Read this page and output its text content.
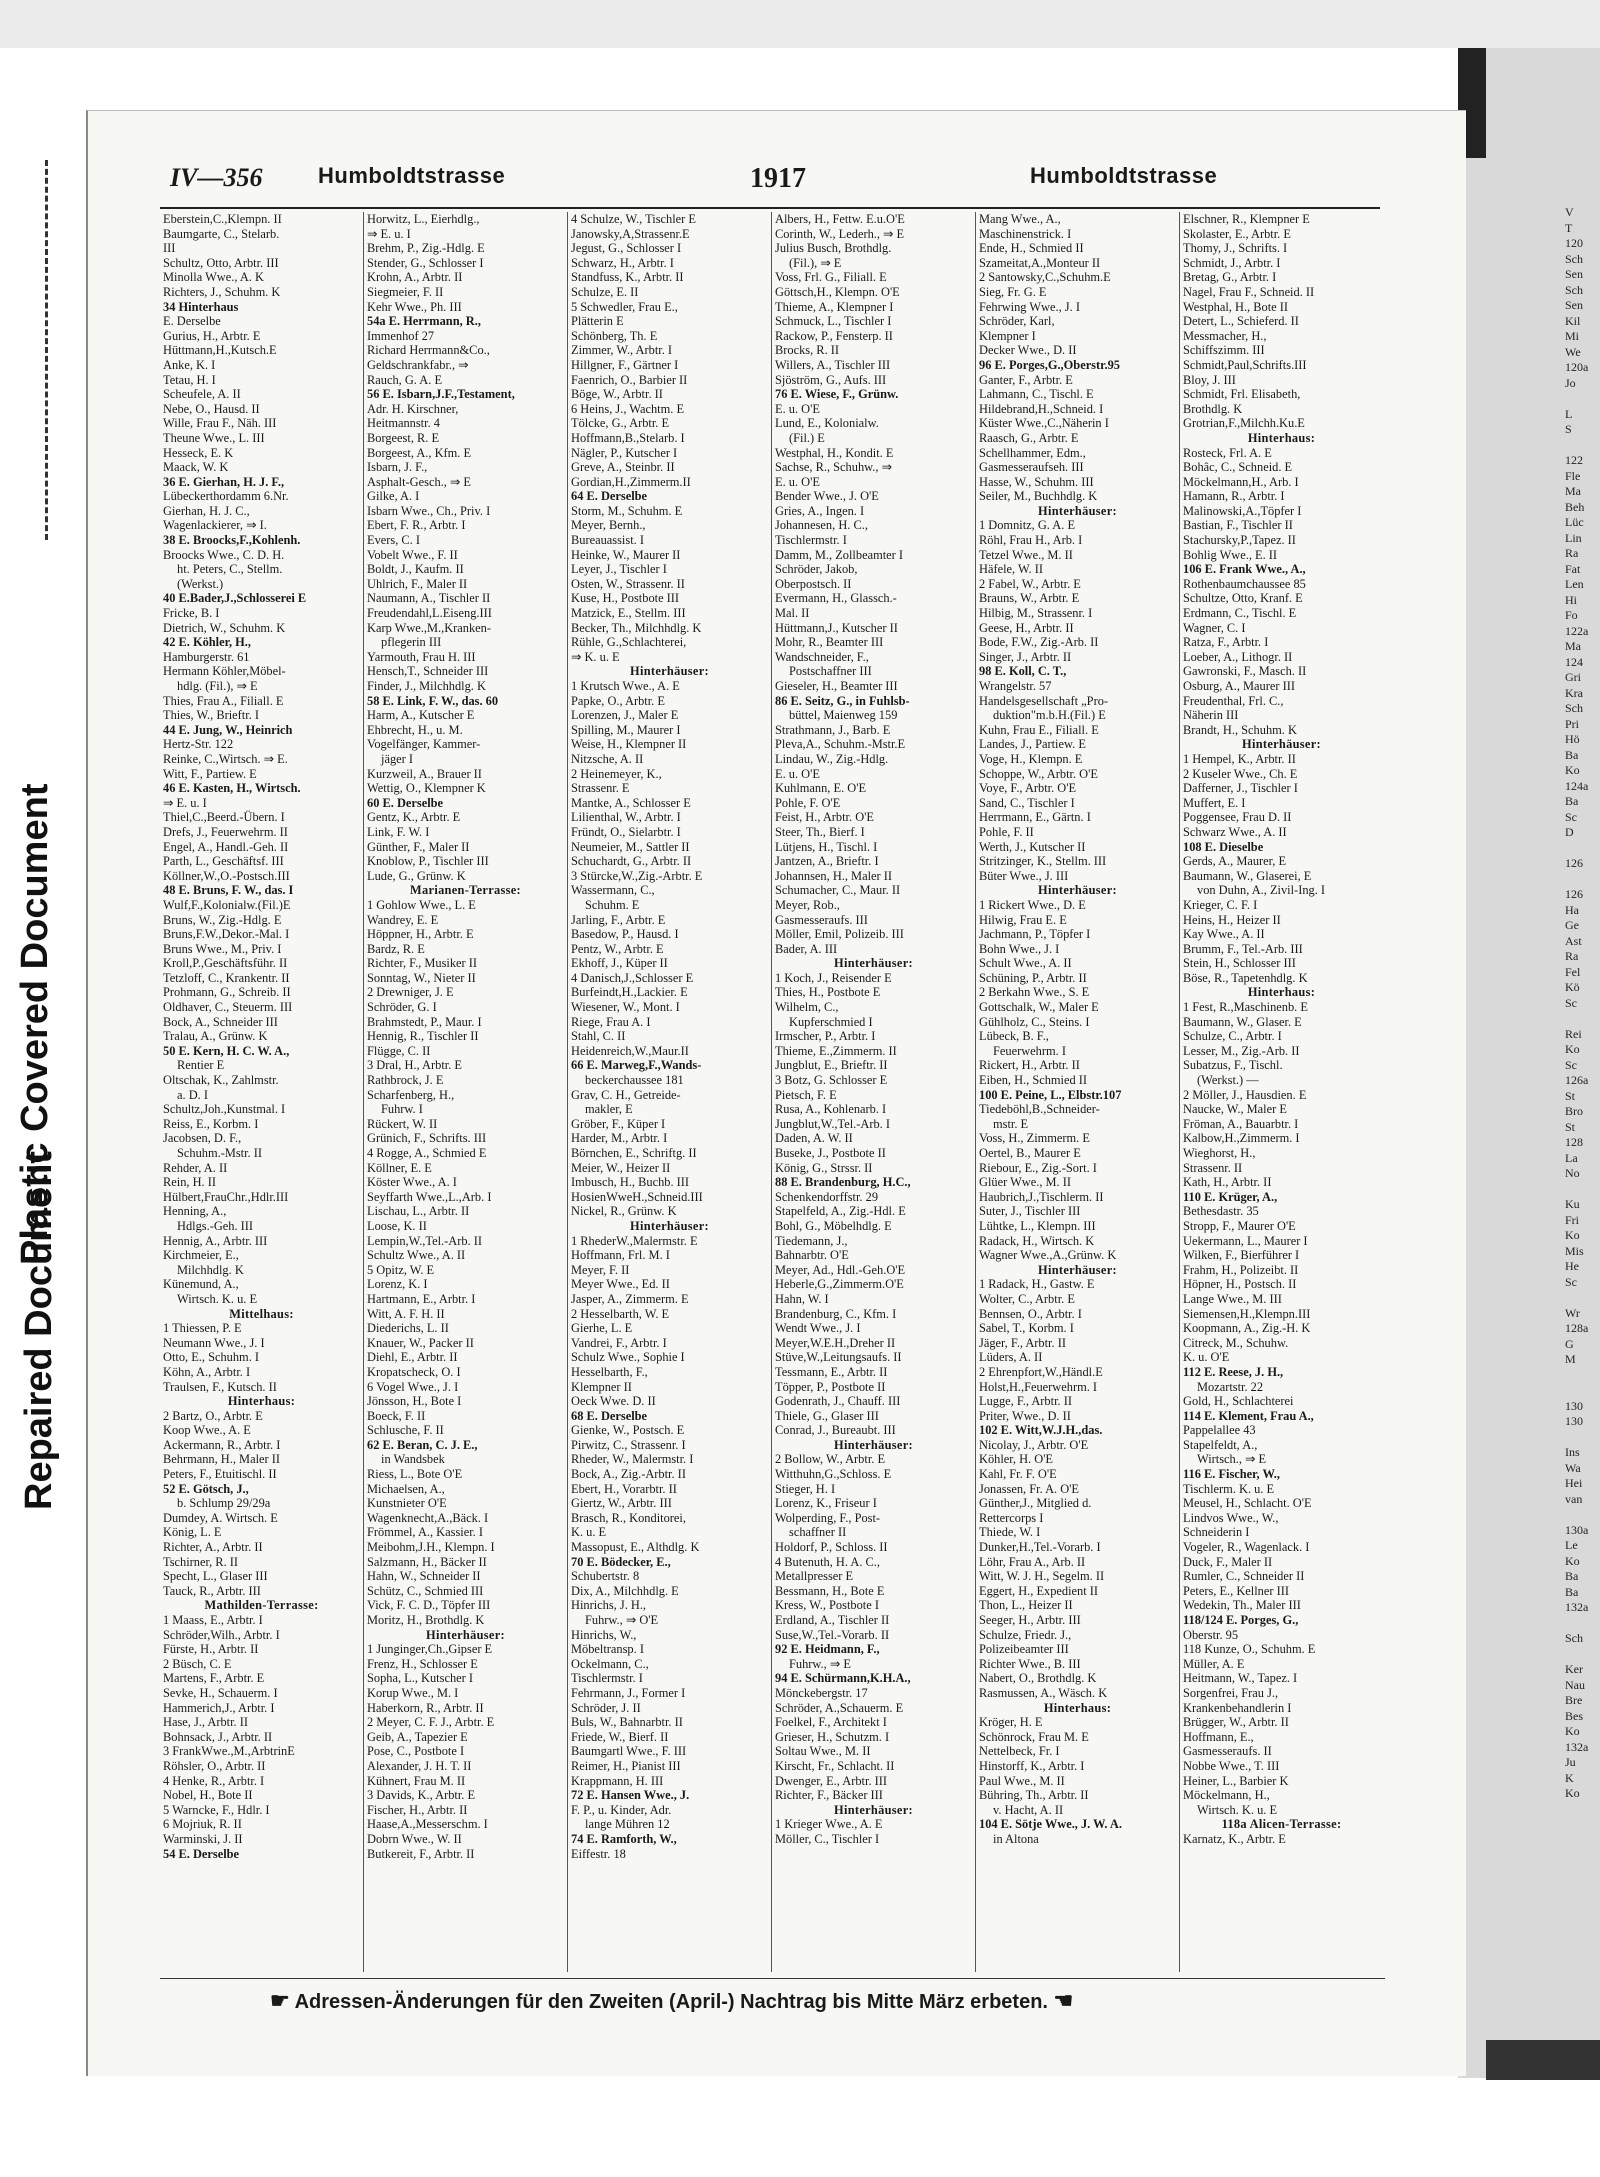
Plastic Covered Document
Repaired Document
IV—356	Humboldtstrasse	1917	Humboldtstrasse
Eberstein,C.,Klempn. II
Baumgarte, C., Stelarb.
III
Schultz, Otto, Arbtr. III
Minolla Wwe., A. K
Richters, J., Schuhm. K
34 Hinterhaus
E. Derselbe
Gurius, H., Arbtr. E
Hüttmann,H.,Kutsch.E
Anke, K. I
Tetau, H. I
Scheufele, A. II
Nebe, O., Hausd. II
Wille, Frau F., Näh. III
Theune Wwe., L. III
Hesseck, E. K
Maack, W. K
36 E. Gierhan, H. J. F.,
Lübeckerthordamm 6.Nr.
Gierhan, H. J. C.,
Wagenlackierer, ⇒ I.
38 E. Broocks,F.,Kohlenh.
Broocks Wwe., C. D. H.
ht. Peters, C., Stellm.
(Werkst.)
40 E.Bader,J.,Schlosserei E
Fricke, B. I
Dietrich, W., Schuhm. K
42 E. Köhler, H.,
Hamburgerstr. 61
Hermann Köhler,Möbel-
hdlg. (Fil.), ⇒ E
Thies, Frau A., Filiall. E
Thies, W., Brieftr. I
44 E. Jung, W., Heinrich
Hertz-Str. 122
Reinke, C.,Wirtsch. ⇒ E.
Witt, F., Partiew. E
46 E. Kasten, H., Wirtsch.
⇒ E. u. I
Thiel,C.,Beerd.-Übern. I
Drefs, J., Feuerwehrm. II
Engel, A., Handl.-Geh. II
Parth, L., Geschäftsf. III
Köllner,W.,O.-Postsch.III
48 E. Bruns, F. W., das. I
Wulf,F.,Kolonialw.(Fil.)E
Bruns, W., Zig.-Hdlg. E
Bruns,F.W.,Dekor.-Mal. I
Bruns Wwe., M., Priv. I
Kroll,P.,Geschäftsführ. II
Tetzloff, C., Krankentr. II
Prohmann, G., Schreib. II
Oldhaver, C., Steuerm. III
Bock, A., Schneider III
Tralau, A., Grünw. K
50 E. Kern, H. C. W. A.,
Rentier E
Oltschak, K., Zahlmstr.
a. D. I
Schultz,Joh.,Kunstmal. I
Reiss, E., Korbm. I
Jacobsen, D. F.,
Schuhm.-Mstr. II
Rehder, A. II
Rein, H. II
Hülbert,FrauChr.,Hdlr.III
Henning, A.,
Hdlgs.-Geh. III
Hennig, A., Arbtr. III
Kirchmeier, E.,
Milchhdlg. K
Künemund, A.,
Wirtsch. K. u. E
Mittelhaus:
1 Thiessen, P. E
Neumann Wwe., J. I
Otto, E., Schuhm. I
Köhn, A., Arbtr. I
Traulsen, F., Kutsch. II
Hinterhaus:
2 Bartz, O., Arbtr. E
Koop Wwe., A. E
Ackermann, R., Arbtr. I
Behrmann, H., Maler II
Peters, F., Etuitischl. II
52 E. Götsch, J.,
b. Schlump 29/29a
Dumdey, A. Wirtsch. E
König, L. E
Richter, A., Arbtr. II
Tschirner, R. II
Specht, L., Glaser III
Tauck, R., Arbtr. III
Mathilden-Terrasse:
1 Maass, E., Arbtr. I
Schröder,Wilh., Arbtr. I
Fürste, H., Arbtr. II
2 Büsch, C. E
Martens, F., Arbtr. E
Sevke, H., Schauerm. I
Hammerich,J., Arbtr. I
Hase, J., Arbtr. II
Bohnsack, J., Arbtr. II
3 FrankWwe.,M.,ArbtrinE
Röhsler, O., Arbtr. II
4 Henke, R., Arbtr. I
Nobel, H., Bote II
5 Warncke, F., Hdlr. I
6 Mojriuk, R. II
Warminski, J. II
54 E. Derselbe
Horwitz, L., Eierhdlg.,
⇒ E. u. I
Brehm, P., Zig.-Hdlg. E
Stender, G., Schlosser I
Krohn, A., Arbtr. II
Siegmeier, F. II
Kehr Wwe., Ph. III
54a E. Herrmann, R.,
Immenhof 27
Richard Herrmann&Co.,
Geldschrankfabr., ⇒
Rauch, G. A. E
56 E. Isbarn,J.F.,Testament,
Adr. H. Kirschner,
Heitmannstr. 4
Borgeest, R. E
Borgeest, A., Kfm. E
Isbarn, J. F.,
Asphalt-Gesch., ⇒ E
Gilke, A. I
Isbarn Wwe., Ch., Priv. I
Ebert, F. R., Arbtr. I
Evers, C. I
Vobelt Wwe., F. II
Boldt, J., Kaufm. II
Uhlrich, F., Maler II
Naumann, A., Tischler II
Freudendahl,L.Eiseng.III
Karp Wwe.,M.,Kranken-
pflegerin III
Yarmouth, Frau H. III
Hensch,T., Schneider III
Finder, J., Milchhdlg. K
58 E. Link, F. W., das. 60
Harm, A., Kutscher E
Ehbrecht, H., u. M.
Vogelfänger, Kammer-
jäger I
Kurzweil, A., Brauer II
Wettig, O., Klempner K
60 E. Derselbe
Gentz, K., Arbtr. E
Link, F. W. I
Günther, F., Maler II
Knoblow, P., Tischler III
Lude, G., Grünw. K
Marianen-Terrasse:
1 Gohlow Wwe., L. E
Wandrey, E. E
Höppner, H., Arbtr. E
Bardz, R. E
Richter, F., Musiker II
Sonntag, W., Nieter II
2 Drewniger, J. E
Schröder, G. I
Brahmstedt, P., Maur. I
Hennig, R., Tischler II
Flügge, C. II
3 Dral, H., Arbtr. E
Rathbrock, J. E
Scharfenberg, H.,
Fuhrw. I
Rückert, W. II
Grünich, F., Schrifts. III
4 Rogge, A., Schmied E
Köllner, E. E
Köster Wwe., A. I
Seyffarth Wwe.,L.,Arb. I
Lischau, L., Arbtr. II
Loose, K. II
Lempin,W.,Tel.-Arb. II
Schultz Wwe., A. II
5 Opitz, W. E
Lorenz, K. I
Hartmann, E., Arbtr. I
Witt, A. F. H. II
Diederichs, L. II
Knauer, W., Packer II
Diehl, E., Arbtr. II
Kropatscheck, O. I
6 Vogel Wwe., J. I
Jönsson, H., Bote I
Boeck, F. II
Schlusche, F. II
62 E. Beran, C. J. E.,
in Wandsbek
Riess, L., Bote O'E
Michaelsen, A.,
Kunstnieter O'E
Wagenknecht,A.,Bäck. I
Frömmel, A., Kassier. I
Meibohm,J.H., Klempn. I
Salzmann, H., Bäcker II
Hahn, W., Schneider II
Schütz, C., Schmied III
Vick, F. C. D., Töpfer III
Moritz, H., Brothdlg. K
Hinterhäuser:
1 Junginger,Ch.,Gipser E
Frenz, H., Schlosser E
Sopha, L., Kutscher I
Korup Wwe., M. I
Haberkorn, R., Arbtr. II
2 Meyer, C. F. J., Arbtr. E
Geib, A., Tapezier E
Pose, C., Postbote I
Alexander, J. H. T. II
Kühnert, Frau M. II
3 Davids, K., Arbtr. E
Fischer, H., Arbtr. II
Haase,A.,Messerschm. I
Dobrn Wwe., W. II
Butkereit, F., Arbtr. II
4 Schulze, W., Tischler E
Janowsky,A,Strassenr.E
Jegust, G., Schlosser I
Schwarz, H., Arbtr. I
Standfuss, K., Arbtr. II
Schulze, E. II
5 Schwedler, Frau E.,
Plätterin E
Schönberg, Th. E
Zimmer, W., Arbtr. I
Hillgner, F., Gärtner I
Faenrich, O., Barbier II
Böge, W., Arbtr. II
6 Heins, J., Wachtm. E
Tölcke, G., Arbtr. E
Hoffmann,B.,Stelarb. I
Nägler, P., Kutscher I
Greve, A., Steinbr. II
Gordian,H.,Zimmerm.II
64 E. Derselbe
Storm, M., Schuhm. E
Meyer, Bernh.,
Bureauassist. I
Heinke, W., Maurer II
Leyer, J., Tischler I
Osten, W., Strassenr. II
Kuse, H., Postbote III
Matzick, E., Stellm. III
Becker, Th., Milchhdlg. K
Rühle, G.,Schlachterei,
⇒ K. u. E
Hinterhäuser:
1 Krutsch Wwe., A. E
Papke, O., Arbtr. E
Lorenzen, J., Maler E
Spilling, M., Maurer I
Weise, H., Klempner II
Nitzsche, A. II
2 Heinemeyer, K.,
Strassenr. E
Mantke, A., Schlosser E
Lilienthal, W., Arbtr. I
Fründt, O., Sielarbtr. I
Neumeier, M., Sattler II
Schuchardt, G., Arbtr. II
3 Stürcke,W.,Zig.-Arbtr. E
Wassermann, C.,
Schuhm. E
Jarling, F., Arbtr. E
Basedow, P., Hausd. I
Pentz, W., Arbtr. E
Ekhoff, J., Küper II
4 Danisch,J.,Schlosser E
Burfeindt,H.,Lackier. E
Wiesener, W., Mont. I
Riege, Frau A. I
Stahl, C. II
Heidenreich,W.,Maur.II
66 E. Marweg,F.,Wands-
beckerchaussee 181
Grav, C. H., Getreide-
makler, E
Gröber, F., Küper I
Harder, M., Arbtr. I
Börnchen, E., Schriftg. II
Meier, W., Heizer II
Imbusch, H., Buchb. III
HosienWweH.,Schneid.III
Nickel, R., Grünw. K
Hinterhäuser:
1 RhederW.,Malermstr. E
Hoffmann, Frl. M. I
Meyer, F. II
Meyer Wwe., Ed. II
Jasper, A., Zimmerm. E
2 Hesselbarth, W. E
Gierhe, L. E
Vandrei, F., Arbtr. I
Schulz Wwe., Sophie I
Hesselbarth, F.,
Klempner II
Oeck Wwe. D. II
68 E. Derselbe
Gienke, W., Postsch. E
Pirwitz, C., Strassenr. I
Rheder, W., Malermstr. I
Bock, A., Zig.-Arbtr. II
Ebert, H., Vorarbtr. II
Giertz, W., Arbtr. III
Brasch, R., Konditorei,
K. u. E
Massopust, E., Althdlg. K
70 E. Bödecker, E.,
Schubertstr. 8
Dix, A., Milchhdlg. E
Hinrichs, J. H.,
Fuhrw., ⇒ O'E
Hinrichs, W.,
Möbeltransp. I
Ockelmann, C.,
Tischlermstr. I
Fehrmann, J., Former I
Schröder, J. II
Buls, W., Bahnarbtr. II
Friede, W., Bierf. II
Baumgartl Wwe., F. III
Reimer, H., Pianist III
Krappmann, H. III
72 E. Hansen Wwe., J.
F. P., u. Kinder, Adr.
lange Mühren 12
74 E. Ramforth, W.,
Eiffestr. 18
Albers, H., Fettw. E.u.O'E
Corinth, W., Lederh., ⇒ E
Julius Busch, Brothdlg.
(Fil.), ⇒ E
Voss, Frl. G., Filiall. E
Göttsch,H., Klempn. O'E
Thieme, A., Klempner I
Schmuck, L., Tischler I
Rackow, P., Fensterp. II
Brocks, R. II
Willers, A., Tischler III
Sjöström, G., Aufs. III
76 E. Wiese, F., Grünw.
E. u. O'E
Lund, E., Kolonialw.
(Fil.) E
Westphal, H., Kondit. E
Sachse, R., Schuhw., ⇒
E. u. O'E
Bender Wwe., J. O'E
Gries, A., Ingen. I
Johannesen, H. C.,
Tischlermstr. I
Damm, M., Zollbeamter I
Schröder, Jakob,
Oberpostsch. II
Evermann, H., Glassch.-
Mal. II
Hüttmann,J., Kutscher II
Mohr, R., Beamter III
Wandschneider, F.,
Postschaffner III
Gieseler, H., Beamter III
86 E. Seitz, G., in Fuhlsb-
büttel, Maienweg 159
Strathmann, J., Barb. E
Pleva,A., Schuhm.-Mstr.E
Lindau, W., Zig.-Hdlg.
E. u. O'E
Kuhlmann, E. O'E
Pohle, F. O'E
Feist, H., Arbtr. O'E
Steer, Th., Bierf. I
Lütjens, H., Tischl. I
Jantzen, A., Brieftr. I
Johannsen, H., Maler II
Schumacher, C., Maur. II
Meyer, Rob.,
Gasmesseraufs. III
Möller, Emil, Polizeib. III
Bader, A. III
Hinterhäuser:
1 Koch, J., Reisender E
Thies, H., Postbote E
Wilhelm, C.,
Kupferschmied I
Irmscher, P., Arbtr. I
Thieme, E.,Zimmerm. II
Jungblut, E., Brieftr. II
3 Botz, G. Schlosser E
Pietsch, F. E
Rusa, A., Kohlenarb. I
Jungblut,W.,Tel.-Arb. I
Daden, A. W. II
Buseke, J., Postbote II
König, G., Strssr. II
88 E. Brandenburg, H.C.,
Schenkendorffstr. 29
Stapelfeld, A., Zig.-Hdl. E
Bohl, G., Möbelhdlg. E
Tiedemann, J.,
Bahnarbtr. O'E
Meyer, Ad., Hdl.-Geh.O'E
Heberle,G.,Zimmerm.O'E
Hahn, W. I
Brandenburg, C., Kfm. I
Wendt Wwe., J. I
Meyer,W.E.H.,Dreher II
Stüve,W.,Leitungsaufs. II
Tessmann, E., Arbtr. II
Töpper, P., Postbote II
Godenrath, J., Chauff. III
Thiele, G., Glaser III
Conrad, J., Bureaubt. III
Hinterhäuser:
2 Bollow, W., Arbtr. E
Witthuhn,G.,Schloss. E
Stieger, H. I
Lorenz, K., Friseur I
Wolperding, F., Post-
schaffner II
Holdorf, P., Schloss. II
4 Butenuth, H. A. C.,
Metallpresser E
Bessmann, H., Bote E
Kress, W., Postbote I
Erdland, A., Tischler II
Suse,W.,Tel.-Vorarb. II
92 E. Heidmann, F.,
Fuhrw., ⇒ E
94 E. Schürmann,K.H.A.,
Mönckebergstr. 17
Schröder, A.,Schauerm. E
Foelkel, F., Architekt I
Grieser, H., Schutzm. I
Soltau Wwe., M. II
Kirscht, Fr., Schlacht. II
Dwenger, E., Arbtr. III
Richter, F., Bäcker III
Hinterhäuser:
1 Krieger Wwe., A. E
Möller, C., Tischler I
Mang Wwe., A.,
Maschinenstrick. I
Ende, H., Schmied II
Szameitat,A.,Monteur II
2 Santowsky,C.,Schuhm.E
Sieg, Fr. G. E
Fehrwing Wwe., J. I
Schröder, Karl,
Klempner I
Decker Wwe., D. II
96 E. Porges,G.,Oberstr.95
Ganter, F., Arbtr. E
Lahmann, C., Tischl. E
Hildebrand,H.,Schneid. I
Küster Wwe.,C.,Näherin I
Raasch, G., Arbtr. E
Schellhammer, Edm.,
Gasmesseraufseh. III
Hasse, W., Schuhm. III
Seiler, M., Buchhdlg. K
Hinterhäuser:
1 Domnitz, G. A. E
Röhl, Frau H., Arb. I
Tetzel Wwe., M. II
Häfele, W. II
2 Fabel, W., Arbtr. E
Brauns, W., Arbtr. E
Hilbig, M., Strassenr. I
Geese, H., Arbtr. II
Bode, F.W., Zig.-Arb. II
Singer, J., Arbtr. II
98 E. Koll, C. T.,
Wrangelstr. 57
Handelsgesellschaft „Pro-
duktion"m.b.H.(Fil.) E
Kuhn, Frau E., Filiall. E
Landes, J., Partiew. E
Voge, H., Klempn. E
Schoppe, W., Arbtr. O'E
Voye, F., Arbtr. O'E
Sand, C., Tischler I
Herrmann, E., Gärtn. I
Pohle, F. II
Werth, J., Kutscher II
Stritzinger, K., Stellm. III
Büter Wwe., J. III
Hinterhäuser:
1 Rickert Wwe., D. E
Hilwig, Frau E. E
Jachmann, P., Töpfer I
Bohn Wwe., J. I
Schult Wwe., A. II
Schüning, P., Arbtr. II
2 Berkahn Wwe., S. E
Gottschalk, W., Maler E
Gühlholz, C., Steins. I
Lübeck, B. F.,
Feuerwehrm. I
Rickert, H., Arbtr. II
Eiben, H., Schmied II
100 E. Peine, L., Elbstr.107
Tiedeböhl,B.,Schneider-
mstr. E
Voss, H., Zimmerm. E
Oertel, B., Maurer E
Riebour, E., Zig.-Sort. I
Glüer Wwe., M. II
Haubrich,J.,Tischlerm. II
Suter, J., Tischler III
Lühtke, L., Klempn. III
Radack, H., Wirtsch. K
Wagner Wwe.,A.,Grünw. K
Hinterhäuser:
1 Radack, H., Gastw. E
Wolter, C., Arbtr. E
Bennsen, O., Arbtr. I
Sabel, T., Korbm. I
Jäger, F., Arbtr. II
Lüders, A. II
2 Ehrenpfort,W.,Händl.E
Holst,H.,Feuerwehrm. I
Lugge, F., Arbtr. II
Priter, Wwe., D. II
102 E. Witt,W.J.H.,das.
Nicolay, J., Arbtr. O'E
Köhler, H. O'E
Kahl, Fr. F. O'E
Jonassen, Fr. A. O'E
Günther,J., Mitglied d.
Rettercorps I
Thiede, W. I
Dunker,H.,Tel.-Vorarb. I
Löhr, Frau A., Arb. II
Witt, W. J. H., Segelm. II
Eggert, H., Expedient II
Thon, L., Heizer II
Seeger, H., Arbtr. III
Schulze, Friedr. J.,
Polizeibeamter III
Richter Wwe., B. III
Nabert, O., Brothdlg. K
Rasmussen, A., Wäsch. K
Hinterhaus:
Kröger, H. E
Schönrock, Frau M. E
Nettelbeck, Fr. I
Hinstorff, K., Arbtr. I
Paul Wwe., M. II
Bühring, Th., Arbtr. II
v. Hacht, A. II
104 E. Sötje Wwe., J. W. A.
in Altona
Elschner, R., Klempner E
Skolaster, E., Arbtr. E
Thomy, J., Schrifts. I
Schmidt, J., Arbtr. I
Bretag, G., Arbtr. I
Nagel, Frau F., Schneid. II
Westphal, H., Bote II
Detert, L., Schieferd. II
Messmacher, H.,
Schiffszimm. III
Schmidt,Paul,Schrifts.III
Bloy, J. III
Schmidt, Frl. Elisabeth,
Brothdlg. K
Grotrian,F.,Milchh.Ku.E
Hinterhaus:
Rosteck, Frl. A. E
Bohâc, C., Schneid. E
Möckelmann,H., Arb. I
Hamann, R., Arbtr. I
Malinowski,A.,Töpfer I
Bastian, F., Tischler II
Stachursky,P.,Tapez. II
Bohlig Wwe., E. II
106 E. Frank Wwe., A.,
Rothenbaumchaussee 85
Schultze, Otto, Kranf. E
Erdmann, C., Tischl. E
Wagner, C. I
Ratza, F., Arbtr. I
Loeber, A., Lithogr. II
Gawronski, F., Masch. II
Osburg, A., Maurer III
Freudenthal, Frl. C.,
Näherin III
Brandt, H., Schuhm. K
Hinterhäuser:
1 Hempel, K., Arbtr. II
2 Kuseler Wwe., Ch. E
Dafferner, J., Tischler I
Muffert, E. I
Poggensee, Frau D. II
Schwarz Wwe., A. II
108 E. Dieselbe
Gerds, A., Maurer, E
Baumann, W., Glaserei, E
von Duhn, A., Zivil-Ing. I
Krieger, C. F. I
Heins, H., Heizer II
Kay Wwe., A. II
Brumm, F., Tel.-Arb. III
Stein, H., Schlosser III
Böse, R., Tapetenhdlg. K
Hinterhaus:
1 Fest, R.,Maschinenb. E
Baumann, W., Glaser. E
Schulze, C., Arbtr. I
Lesser, M., Zig.-Arb. II
Subatzus, F., Tischl.
(Werkst.) —
2 Möller, J., Hausdien. E
Naucke, W., Maler E
Fröman, A., Bauarbtr. I
Kalbow,H.,Zimmerm. I
Wieghorst, H.,
Strassenr. II
Kath, H., Arbtr. II
110 E. Krüger, A.,
Bethesdastr. 35
Stropp, F., Maurer O'E
Uekermann, L., Maurer I
Wilken, F., Bierführer I
Frahm, H., Polizeibt. II
Höpner, H., Postsch. II
Lange Wwe., M. III
Siemensen,H.,Klempn.III
Koopmann, A., Zig.-H. K
Citreck, M., Schuhw.
K. u. O'E
112 E. Reese, J. H.,
Mozartstr. 22
Gold, H., Schlachterei
114 E. Klement, Frau A.,
Pappelallee 43
Stapelfeldt, A.,
Wirtsch., ⇒ E
116 E. Fischer, W.,
Tischlerm. K. u. E
Meusel, H., Schlacht. O'E
Lindvos Wwe., W.,
Schneiderin I
Vogeler, R., Wagenlack. I
Duck, F., Maler II
Rumler, C., Schneider II
Peters, E., Kellner III
Wedekin, Th., Maler III
118/124 E. Porges, G.,
Oberstr. 95
118 Kunze, O., Schuhm. E
Müller, A. E
Heitmann, W., Tapez. I
Sorgenfrei, Frau J.,
Krankenbehandlerin I
Brügger, W., Arbtr. II
Hoffmann, E.,
Gasmesseraufs. II
Nobbe Wwe., T. III
Heiner, L., Barbier K
Möckelmann, H.,
Wirtsch. K. u. E
118a Alicen-Terrasse:
Karnatz, K., Arbtr. E
☛ Adressen-Änderungen für den Zweiten (April-) Nachtrag bis Mitte März erbeten. ☚
V
T
120
Sch
Sen
Sch
Sen
Kil
Mi
We
120a
Jo

L
S

122
Fle
Ma
Beh
Lüc
Lin
Ra
Fat
Len
Hi
Fo
122a
Ma
124
Gri
Kra
Sch
Pri
Hö
Ba
Ko
124a
Ba
Sc
D

126

126
Ha
Ge
Ast
Ra
Fel
Kö
Sc

Rei
Ko
Sc
126a
St
Bro
St
128
La
No

Ku
Fri
Ko
Mis
He
Sc

Wr
128a
G
M

130
130

Ins
Wa
Hei
van

130a
Le
Ko
Ba
Ba
132a

Sch

Ker
Nau
Bre
Bes
Ko
132a
Ju
K
Ko
